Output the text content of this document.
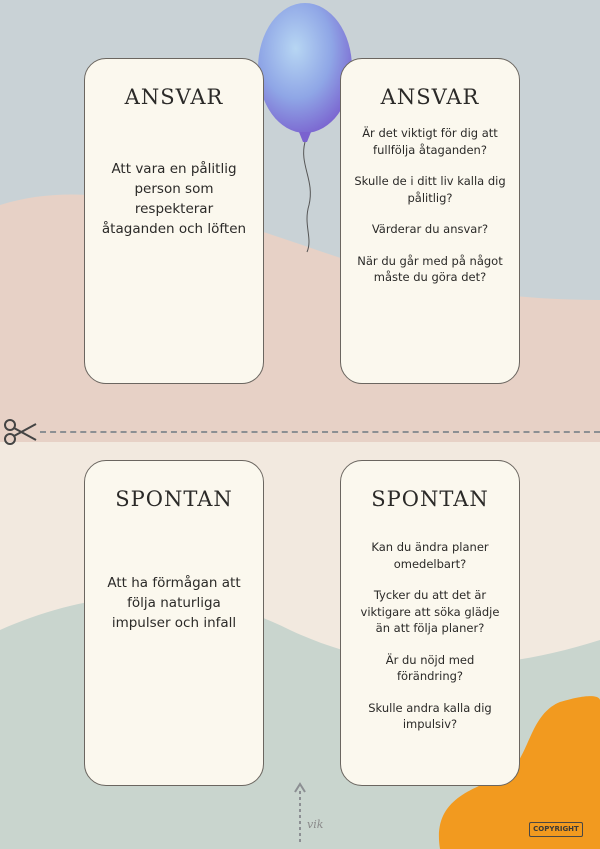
ANSVAR
Att vara en pålitlig person som respekterar åtaganden och löften
ANSVAR

Är det viktigt för dig att fullfölja åtaganden?

Skulle de i ditt liv kalla dig pålitlig?

Värderar du ansvar?

När du går med på något måste du göra det?

SPONTAN
Att ha förmågan att följa naturliga impulser och infall
SPONTAN

Kan du ändra planer omedelbart?

Tycker du att det är viktigare att söka glädje än att följa planer?

Är du nöjd med förändring?

Skulle andra kalla dig impulsiv?

vik	COPYRIGHT
